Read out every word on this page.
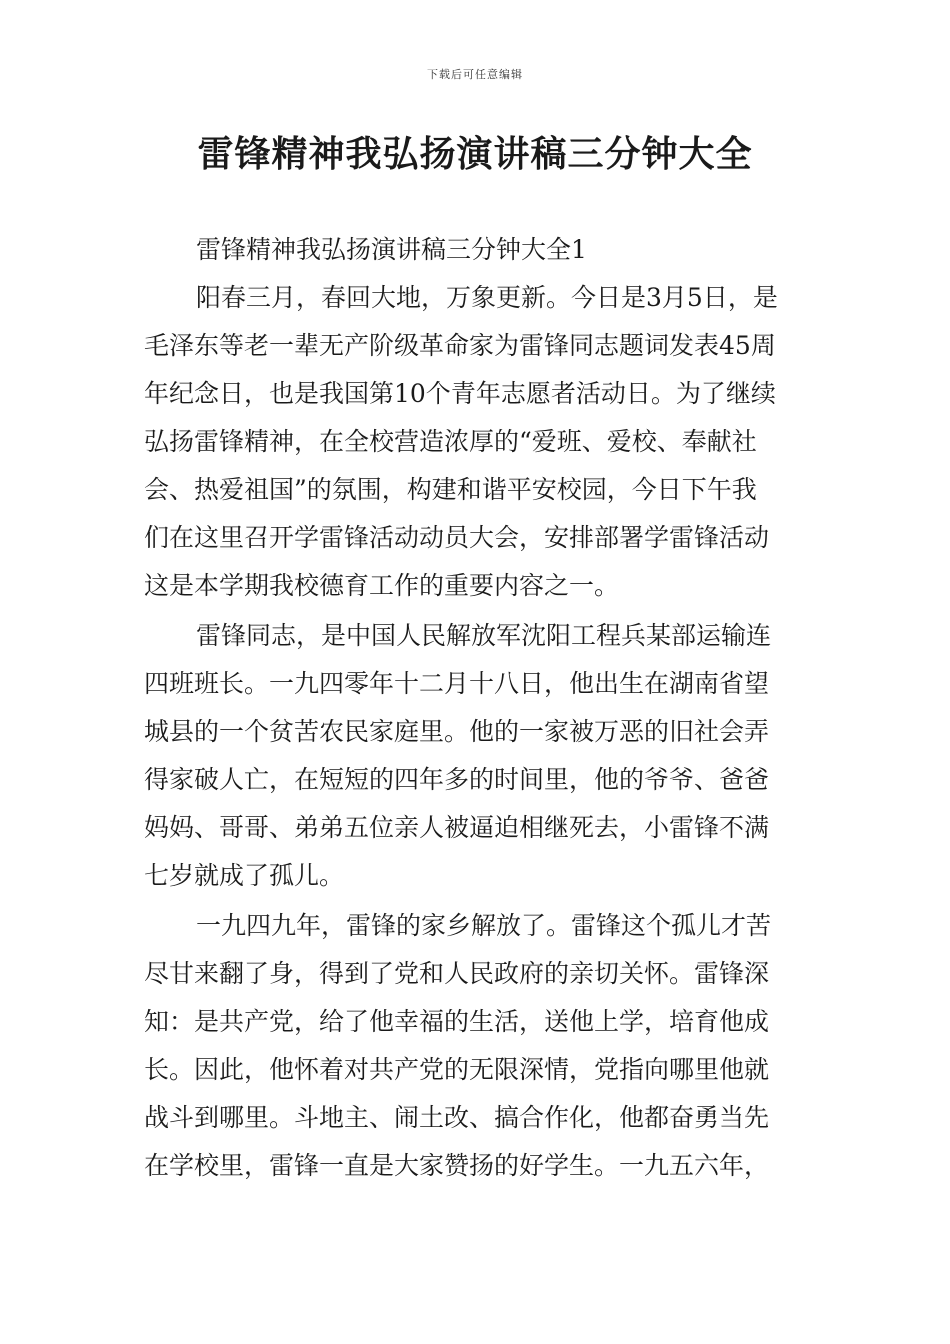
下载后可任意编辑
雷锋精神我弘扬演讲稿三分钟大全
雷锋精神我弘扬演讲稿三分钟大全1
阳春三月，春回大地，万象更新。今日是3月5日，是
毛泽东等老一辈无产阶级革命家为雷锋同志题词发表45周
年纪念日，也是我国第10个青年志愿者活动日。为了继续
弘扬雷锋精神，在全校营造浓厚的“爱班、爱校、奉献社
会、热爱祖国”的氛围，构建和谐平安校园，今日下午我
们在这里召开学雷锋活动动员大会，安排部署学雷锋活动
这是本学期我校德育工作的重要内容之一。
雷锋同志，是中国人民解放军沈阳工程兵某部运输连
四班班长。一九四零年十二月十八日，他出生在湖南省望
城县的一个贫苦农民家庭里。他的一家被万恶的旧社会弄
得家破人亡，在短短的四年多的时间里，他的爷爷、爸爸
妈妈、哥哥、弟弟五位亲人被逼迫相继死去，小雷锋不满
七岁就成了孤儿。
一九四九年，雷锋的家乡解放了。雷锋这个孤儿才苦
尽甘来翻了身，得到了党和人民政府的亲切关怀。雷锋深
知：是共产党，给了他幸福的生活，送他上学，培育他成
长。因此，他怀着对共产党的无限深情，党指向哪里他就
战斗到哪里。斗地主、闹土改、搞合作化，他都奋勇当先
在学校里，雷锋一直是大家赞扬的好学生。一九五六年，
